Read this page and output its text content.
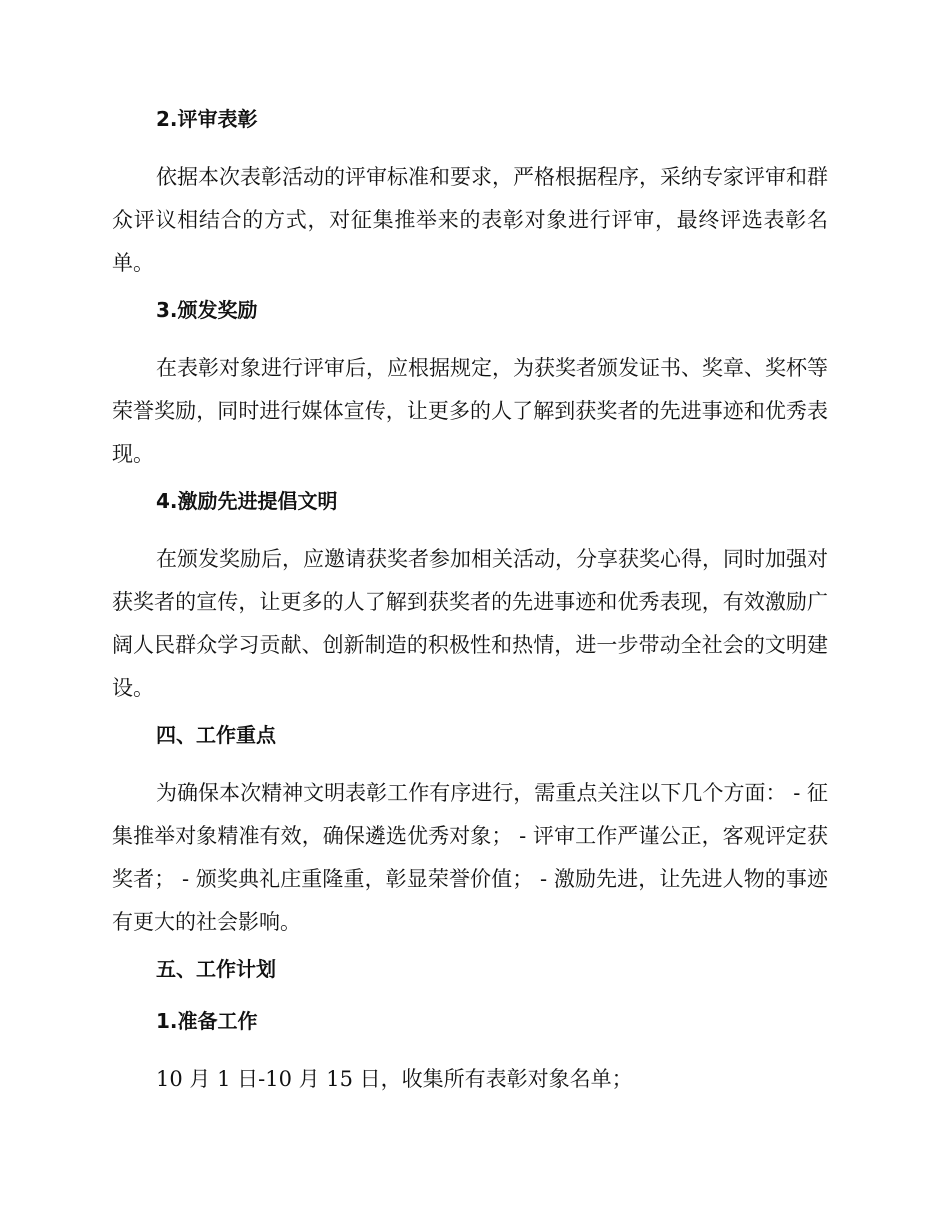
2.评审表彰

依据本次表彰活动的评审标准和要求，严格根据程序，采纳专家评审和群众评议相结合的方式，对征集推举来的表彰对象进行评审，最终评选表彰名单。

3.颁发奖励

在表彰对象进行评审后，应根据规定，为获奖者颁发证书、奖章、奖杯等荣誉奖励，同时进行媒体宣传，让更多的人了解到获奖者的先进事迹和优秀表现。

4.激励先进提倡文明

在颁发奖励后，应邀请获奖者参加相关活动，分享获奖心得，同时加强对获奖者的宣传，让更多的人了解到获奖者的先进事迹和优秀表现，有效激励广阔人民群众学习贡献、创新制造的积极性和热情，进一步带动全社会的文明建设。

四、工作重点

为确保本次精神文明表彰工作有序进行，需重点关注以下几个方面： - 征集推举对象精准有效，确保遴选优秀对象； - 评审工作严谨公正，客观评定获奖者； - 颁奖典礼庄重隆重，彰显荣誉价值； - 激励先进，让先进人物的事迹有更大的社会影响。

五、工作计划
1.准备工作

10 月 1 日-10 月 15 日，收集所有表彰对象名单；
